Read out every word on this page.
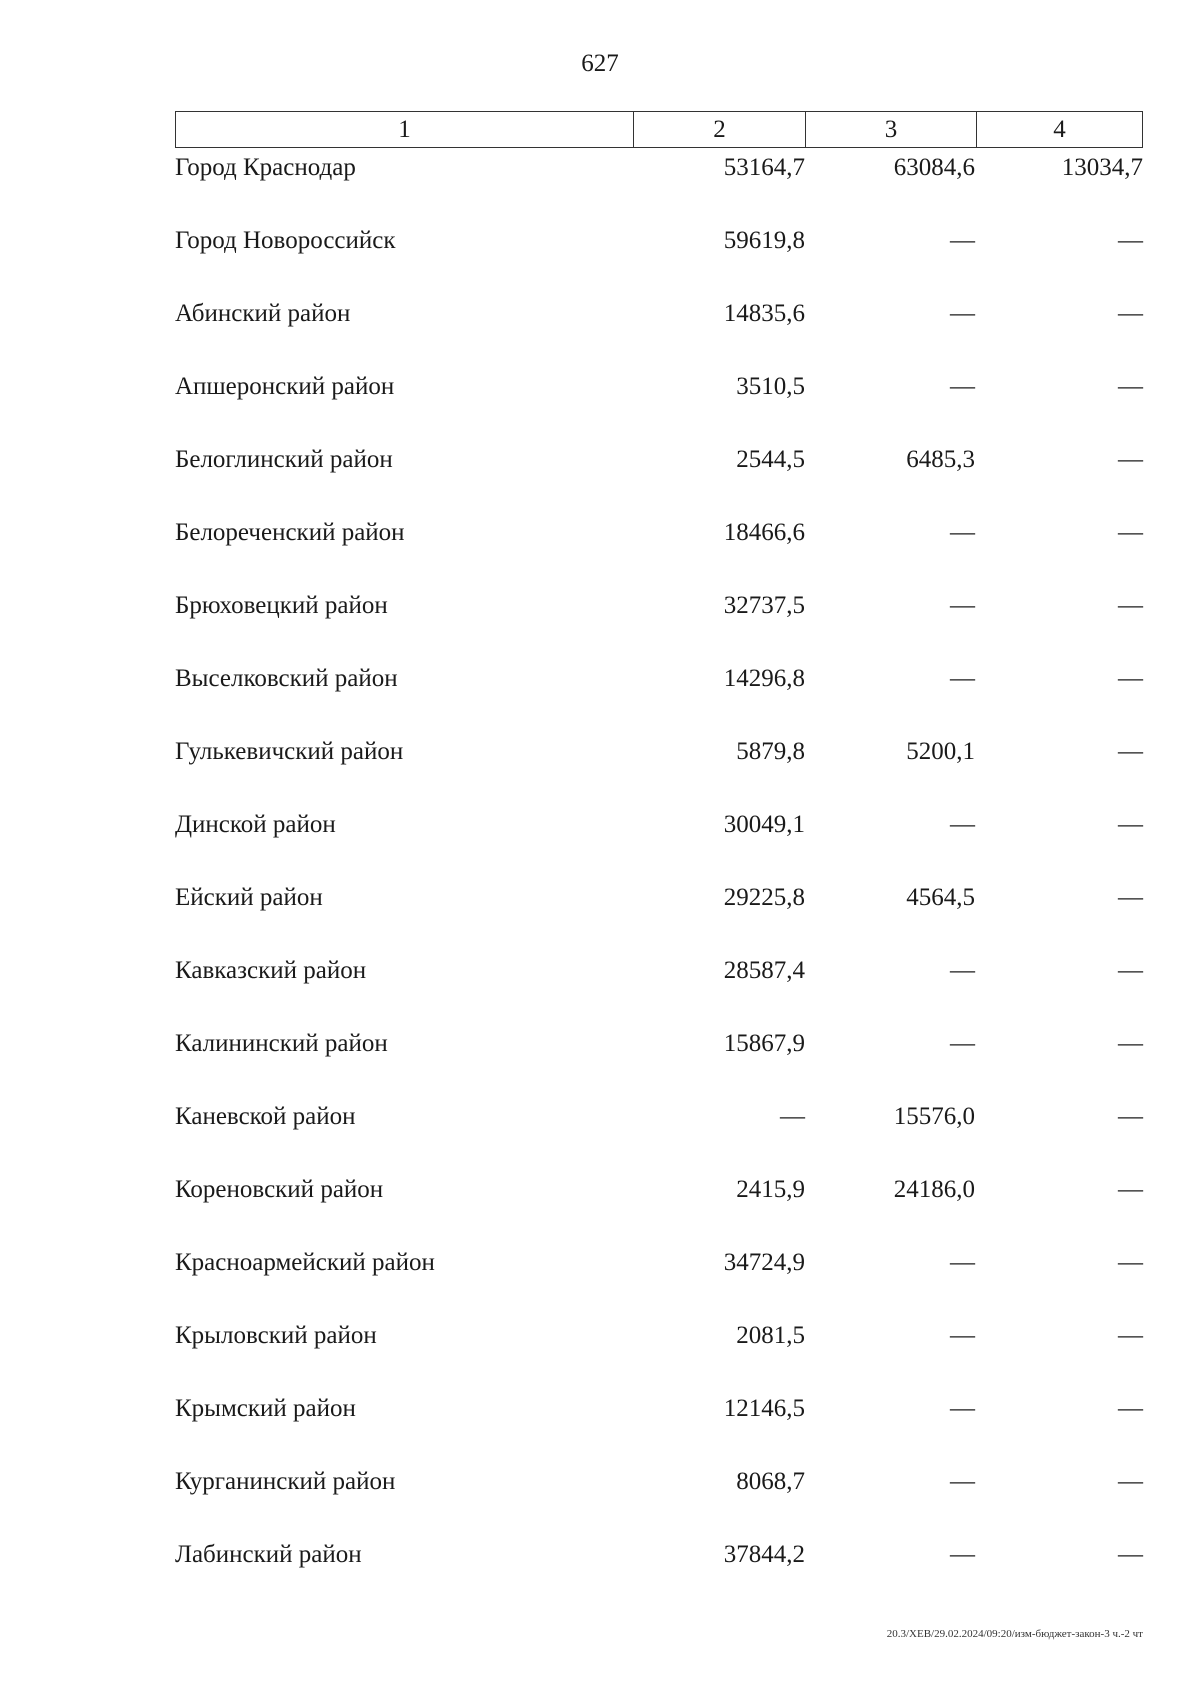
627
1	2	3	4
Город Краснодар	53164,7	63084,6	13034,7
Город Новороссийск	59619,8	—	—
Абинский район	14835,6	—	—
Апшеронский район	3510,5	—	—
Белоглинский район	2544,5	6485,3	—
Белореченский район	18466,6	—	—
Брюховецкий район	32737,5	—	—
Выселковский район	14296,8	—	—
Гулькевичский район	5879,8	5200,1	—
Динской район	30049,1	—	—
Ейский район	29225,8	4564,5	—
Кавказский район	28587,4	—	—
Калининский район	15867,9	—	—
Каневской район	—	15576,0	—
Кореновский район	2415,9	24186,0	—
Красноармейский район	34724,9	—	—
Крыловский район	2081,5	—	—
Крымский район	12146,5	—	—
Курганинский район	8068,7	—	—
Лабинский район	37844,2	—	—
20.3/ХЕВ/29.02.2024/09:20/изм-бюджет-закон-3 ч.-2 чт
